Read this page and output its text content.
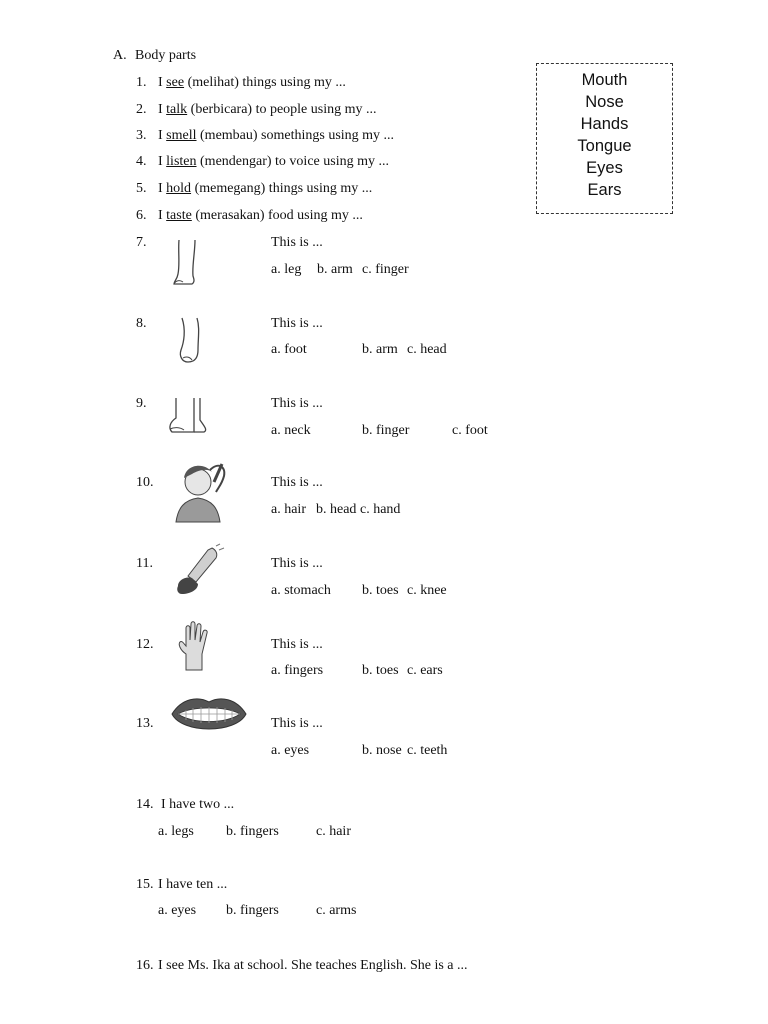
A. Body parts
Mouth
Nose
Hands
Tongue
Eyes
Ears
1. I see (melihat) things using my ...
2. I talk (berbicara) to people using my ...
3. I smell (membau) somethings using my ...
4. I listen (mendengar) to voice using my ...
5. I hold (memegang) things using my ...
6. I taste (merasakan) food using my ...
7.	This is ...
a. leg b. arm c. finger
8.	This is ...
a. foot	b. arm c. head
9.	This is ...
a. neck	b. finger	c. foot
10.	This is ...
a. hair b. head c. hand
11.	This is ...
a. stomach b. toes c. knee
12.	This is ...
a. fingers	b. toes c. ears
13.	This is ...
a. eyes	b. nose c. teeth
14. I have two ...
a. legs b. fingers	c. hair
15. I have ten ...
a. eyes b. fingers	c. arms
16. I see Ms. Ika at school. She teaches English. She is a ...
